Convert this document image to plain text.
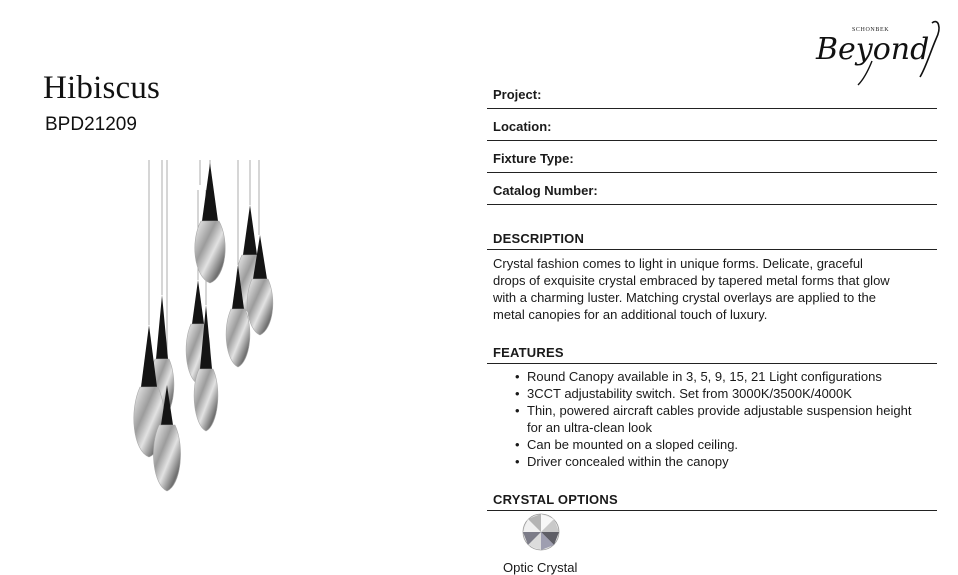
Hibiscus
BPD21209
SCHONBEK
Beyond
Project:
Location:
Fixture Type:
Catalog Number:
DESCRIPTION
Crystal fashion comes to light in unique forms. Delicate, graceful
drops of exquisite crystal embraced by tapered metal forms that glow
with a charming luster. Matching crystal overlays are applied to the
metal canopies for an additional touch of luxury.
FEATURES
• Round Canopy available in 3, 5, 9, 15, 21 Light configurations
• 3CCT adjustability switch. Set from 3000K/3500K/4000K
• Thin, powered aircraft cables provide adjustable suspension height for an ultra-clean look
• Can be mounted on a sloped ceiling.
• Driver concealed within the canopy
CRYSTAL OPTIONS
Optic Crystal
